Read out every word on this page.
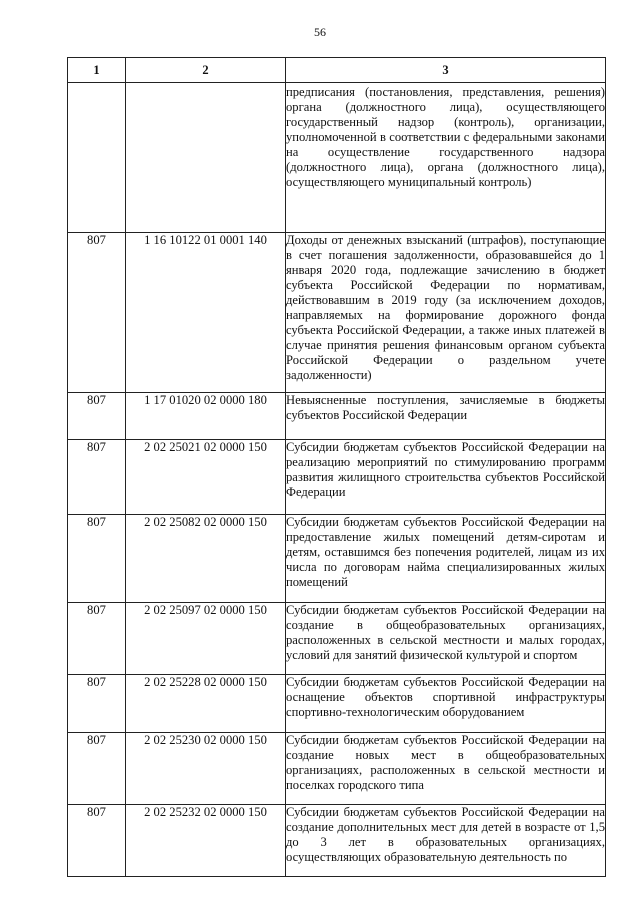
56
1	2	3
		предписания (постановления, представления, решения) органа (должностного лица), осуществляющего государственный надзор (контроль), организации, уполномоченной в соответствии с федеральными законами на осуществление государственного надзора (должностного лица), органа (должностного лица), осуществляющего муниципальный контроль)
807	1 16 10122 01 0001 140	Доходы от денежных взысканий (штрафов), поступающие в счет погашения задолженности, образовавшейся до 1 января 2020 года, подлежащие зачислению в бюджет субъекта Российской Федерации по нормативам, действовавшим в 2019 году (за исключением доходов, направляемых на формирование дорожного фонда субъекта Российской Федерации, а также иных платежей в случае принятия решения финансовым органом субъекта Российской Федерации о раздельном учете задолженности)
807	1 17 01020 02 0000 180	Невыясненные поступления, зачисляемые в бюджеты субъектов Российской Федерации
807	2 02 25021 02 0000 150	Субсидии бюджетам субъектов Российской Федерации на реализацию мероприятий по стимулированию программ развития жилищного строительства субъектов Российской Федерации
807	2 02 25082 02 0000 150	Субсидии бюджетам субъектов Российской Федерации на предоставление жилых помещений детям-сиротам и детям, оставшимся без попечения родителей, лицам из их числа по договорам найма специализированных жилых помещений
807	2 02 25097 02 0000 150	Субсидии бюджетам субъектов Российской Федерации на создание в общеобразовательных организациях, расположенных в сельской местности и малых городах, условий для занятий физической культурой и спортом
807	2 02 25228 02 0000 150	Субсидии бюджетам субъектов Российской Федерации на оснащение объектов спортивной инфраструктуры спортивно-технологическим оборудованием
807	2 02 25230 02 0000 150	Субсидии бюджетам субъектов Российской Федерации на создание новых мест в общеобразовательных организациях, расположенных в сельской местности и поселках городского типа
807	2 02 25232 02 0000 150	Субсидии бюджетам субъектов Российской Федерации на создание дополнительных мест для детей в возрасте от 1,5 до 3 лет в образовательных организациях, осуществляющих образовательную деятельность по
